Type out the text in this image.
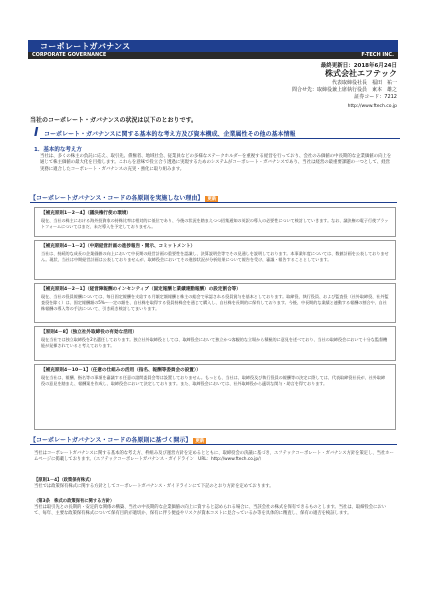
コーポレートガバナンス
CORPORATE GOVERNANCE	F-TECH INC.
最終更新日：2018年6月24日
株式会社エフテック
代表取締役社長　福田　祐一
問合せ先：取締役兼上席執行役員　東本　雄之
証券コード：7212
http://www.ftech.co.jp
当社のコーポレート・ガバナンスの状況は以下のとおりです。
I コーポレート・ガバナンスに関する基本的な考え方及び資本構成、企業属性その他の基本情報
1．基本的な考え方
当社は、多くの株主の負託に応え、取引先、債権者、地域社会、従業員などの多様なステークホルダーを重視する経営を行っており、会社のみ価値の中長期的な企業価値の向上を通じて株主価値の最大化を目指します。これらを意味で役立合う透過に実現するためのシステムがコーポレート・ガバナンスであり、当社は経営の最重要課題の一つとして、経営実務に適合したコーポレート・ガバナンスの充実・強化に取り組みます。
【コーポレートガバナンス・コードの各原則を実施しない理由】 更新
【補充原則1－2－4】（議決権行使の環境）
現在、当社の株主における海外投資家の持株比率は相対的に低位であり、今後の状況を踏まえつつ招集通知の英訳の導入の必要性について検討していきます。なお、議決権の電子行使プラットフォームについてはまだ、未だ導入を予定しておりません。
【補充原則4－1－2】（中期経営計画の進捗報告・開示、コミットメント）
当社は、持続的な成長の企業価値の向上において中長期の経営計画の重要性を認識し、決算説明会等でその見通しを説明しております。本事業年度については、数値計画を公表しておりません。現状、当社は中期経営計画は公表しておりませんが、取締役会においてその進捗状況が分析結果について報告を受け、審議・報告することとしています。
【補充原則4－2－1】（経営陣報酬のインセンティブ（固定報酬と業績連動報酬）の設定割合等）
現在、当社の役員報酬については、毎日固定報酬を支給する月額定額報酬と株主の総会で承認される役員賞与を基本としております。取締役、執行役員、および監査役（社外取締役、社外監査役を除く）は、固定報酬額の5%～一定の額を、自社株を取得する役員持株会を通じて購入し、自社株を長期的に保有しております。今後、中長期的な業績と連動する報酬の割合や、自社株報酬の導入等の手法について、引き続き検討してまいります。
【原則4－8】（独立社外取締役の有効な活用）
現在当社では独立取締役を2名選任しております。独立社外取締役としては、取締役会において独立かつ客観的な立場から積極的に意見を述べており、当社の取締役会において十分な監督機能が発揮されていると考えております。
【補充原則4－10－1】（任意の仕組みの活用（指名、報酬等委員会の設置））
現在当社は、報酬、指名等の事項を審議する任意の諮問委員会等は設置しておりません。もっとも、当社は、取締役及び執行役員の報酬等の決定に際しては、代表取締役社長が、社外取締役の意見を踏まえ、報酬案を作成し、取締役会において決定しております。また、取締役会においては、社外取締役から適切な関与・助言を得ております。
【コーポレートガバナンス・コードの各原則に基づく開示】 更新
当社はコーポレートガバナンスに関する基本的な考え方、枠組み及び運営方針を定めるとともに、取締役会の決議に基づき、エフテックコーポレート・ガバナンス方針を策定し、当社ホームページに掲載しております。（エフテックコーポレートガバナンス・ガイドライン　URL：http://www.ftech.co.jp/）
【原則1－4】（政策保有株式）
当社では政策保有株式に関する方針としてコーポレートガバナンス・ガイドラインにて下記のとおり方針を定めております。
（第3条　株式の政策保有に関する方針）
当社は取引先との長期的・安定的な関係の構築、当社の中長期的な企業価値の向上に資すると認められる場合に、当該会社の株式を保有できるものとします。当社は、取締役会において、毎年、主要な政策保有株式について保有目的が適切か、保有に伴う便益やリスクが資本コストに見合っているか等を具体的に精査し、保有の適否を検証します。
